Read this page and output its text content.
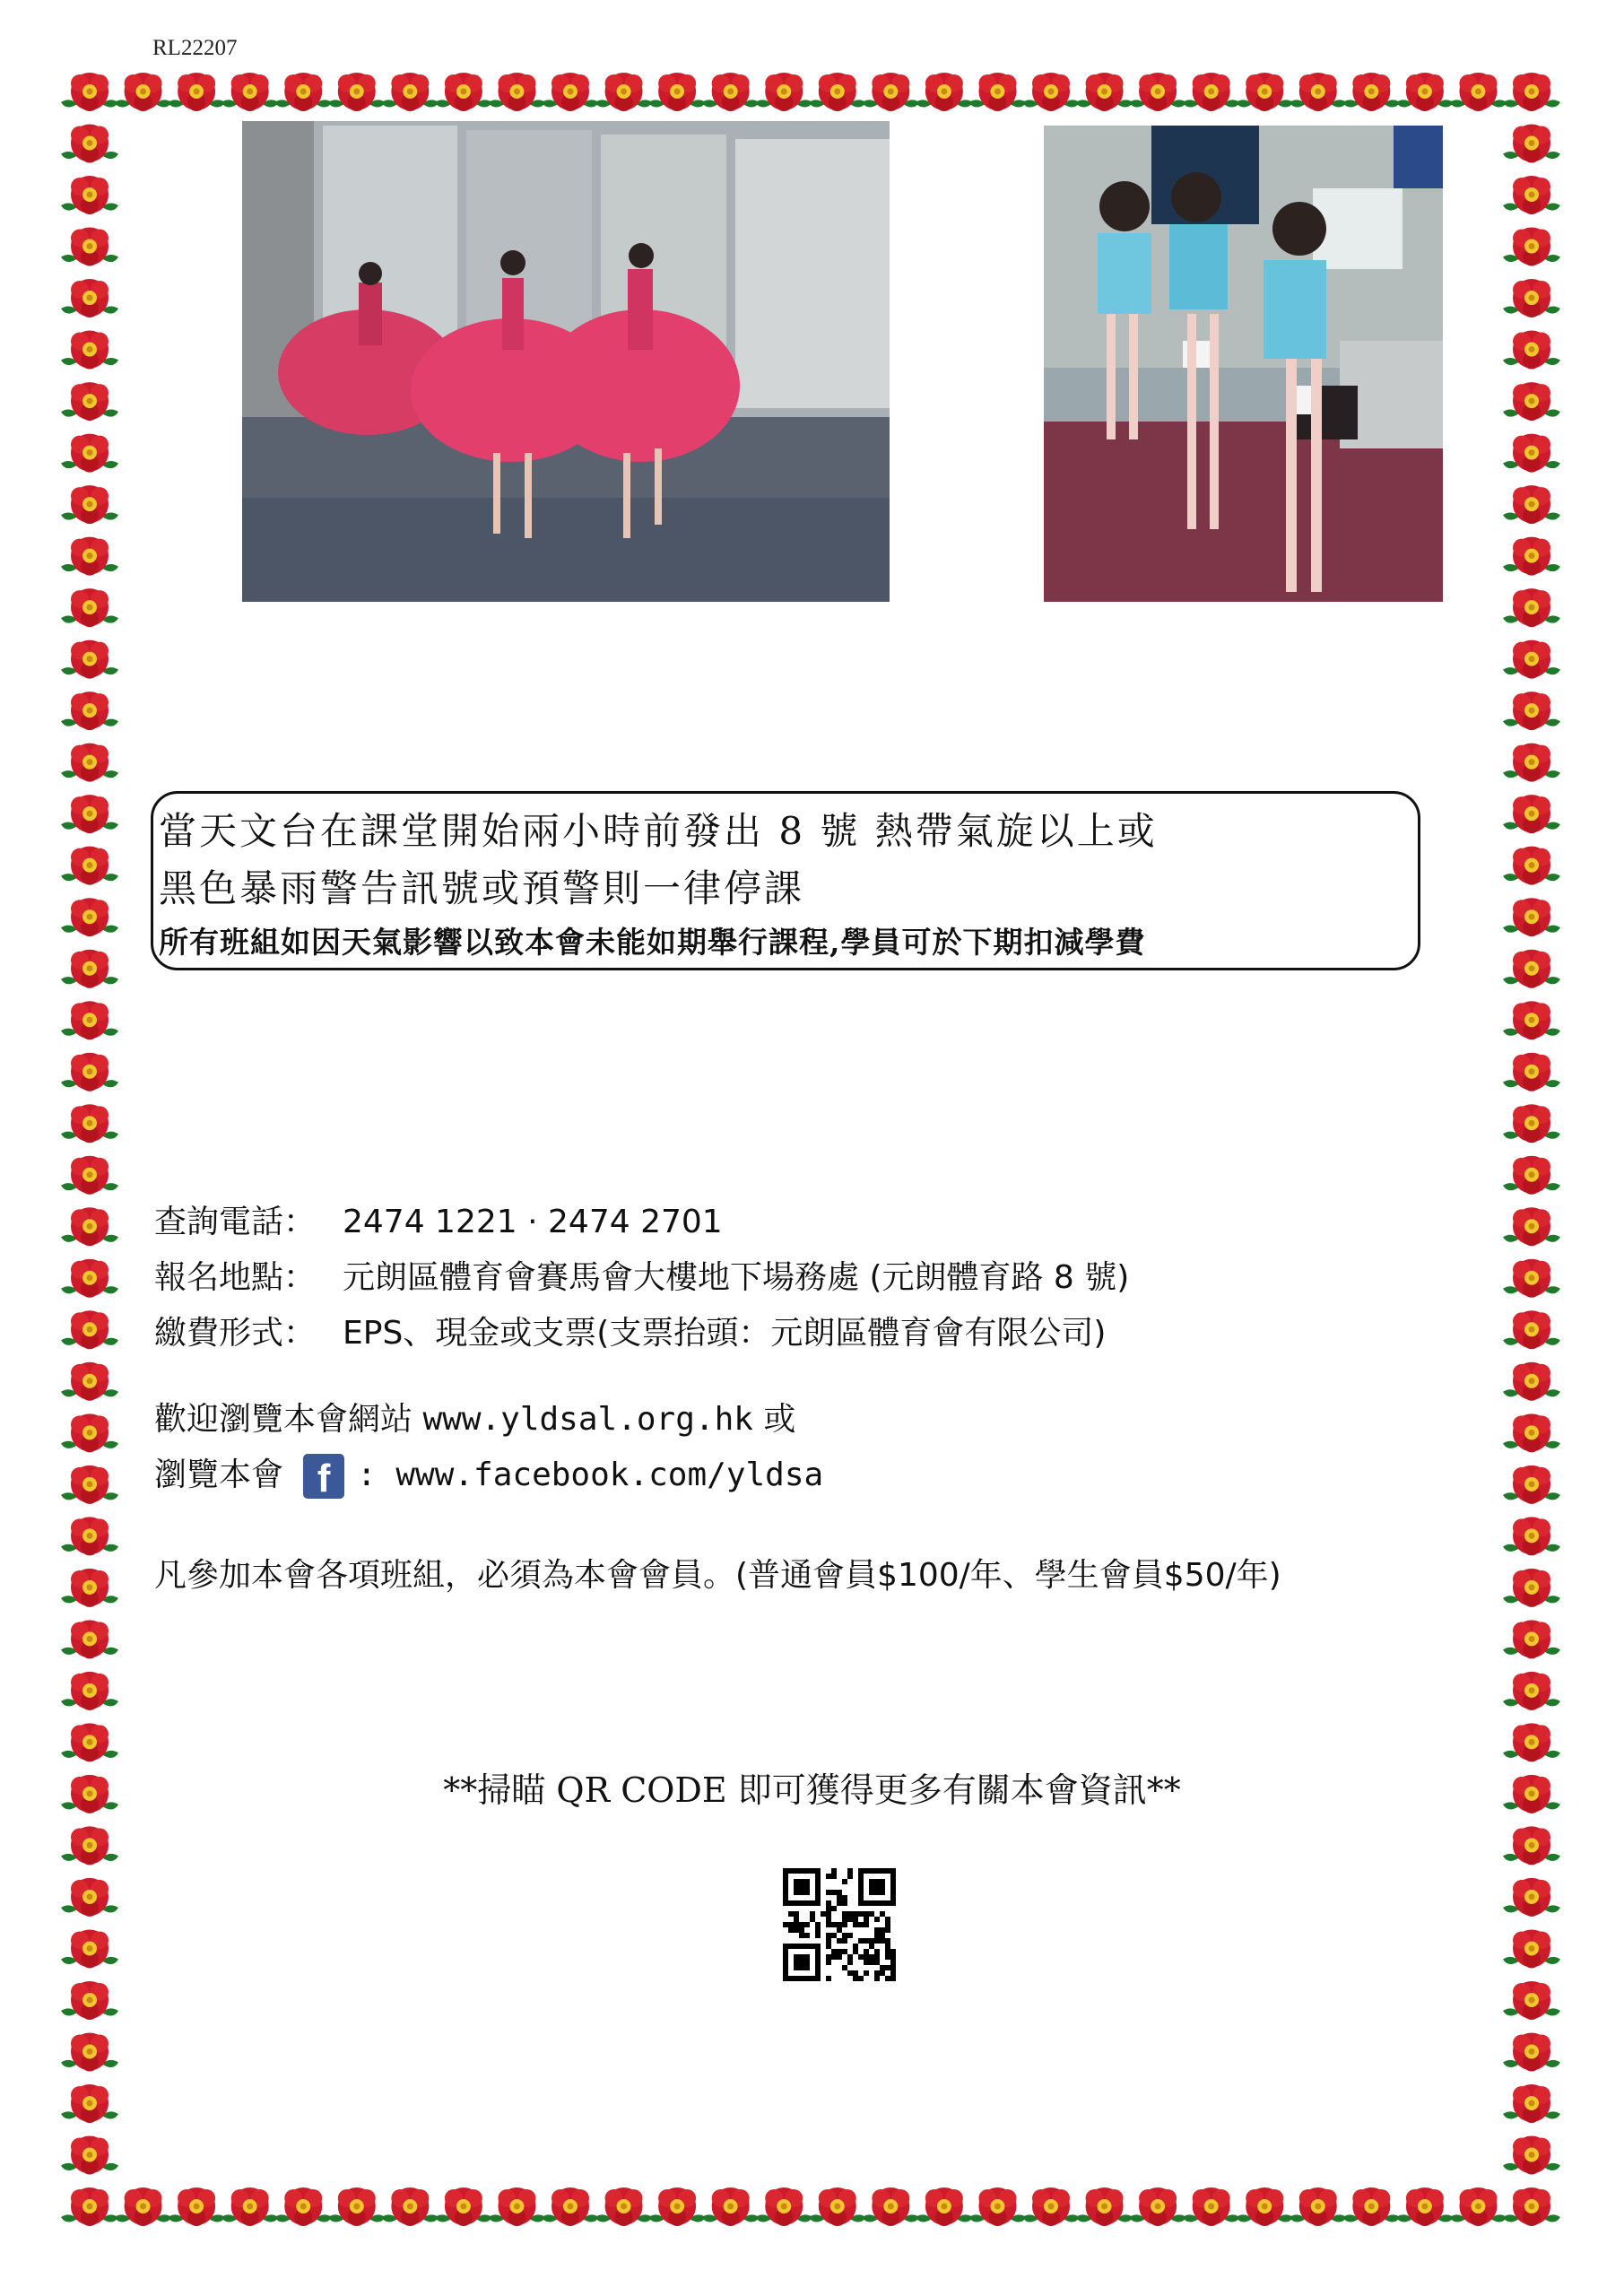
RL22207
當天文台在課堂開始兩小時前發出 8 號 熱帶氣旋以上或
黑色暴雨警告訊號或預警則一律停課
所有班組如因天氣影響以致本會未能如期舉行課程,學員可於下期扣減學費
查詢電話： 2474 1221 · 2474 2701
報名地點： 元朗區體育會賽馬會大樓地下場務處 (元朗體育路 8 號)
繳費形式： EPS、現金或支票(支票抬頭：元朗區體育會有限公司)
歡迎瀏覽本會網站 www.yldsal.org.hk 或
瀏覽本會 f : www.facebook.com/yldsa
凡參加本會各項班組，必須為本會會員。(普通會員$100/年、學生會員$50/年)
**掃瞄 QR CODE 即可獲得更多有關本會資訊**
